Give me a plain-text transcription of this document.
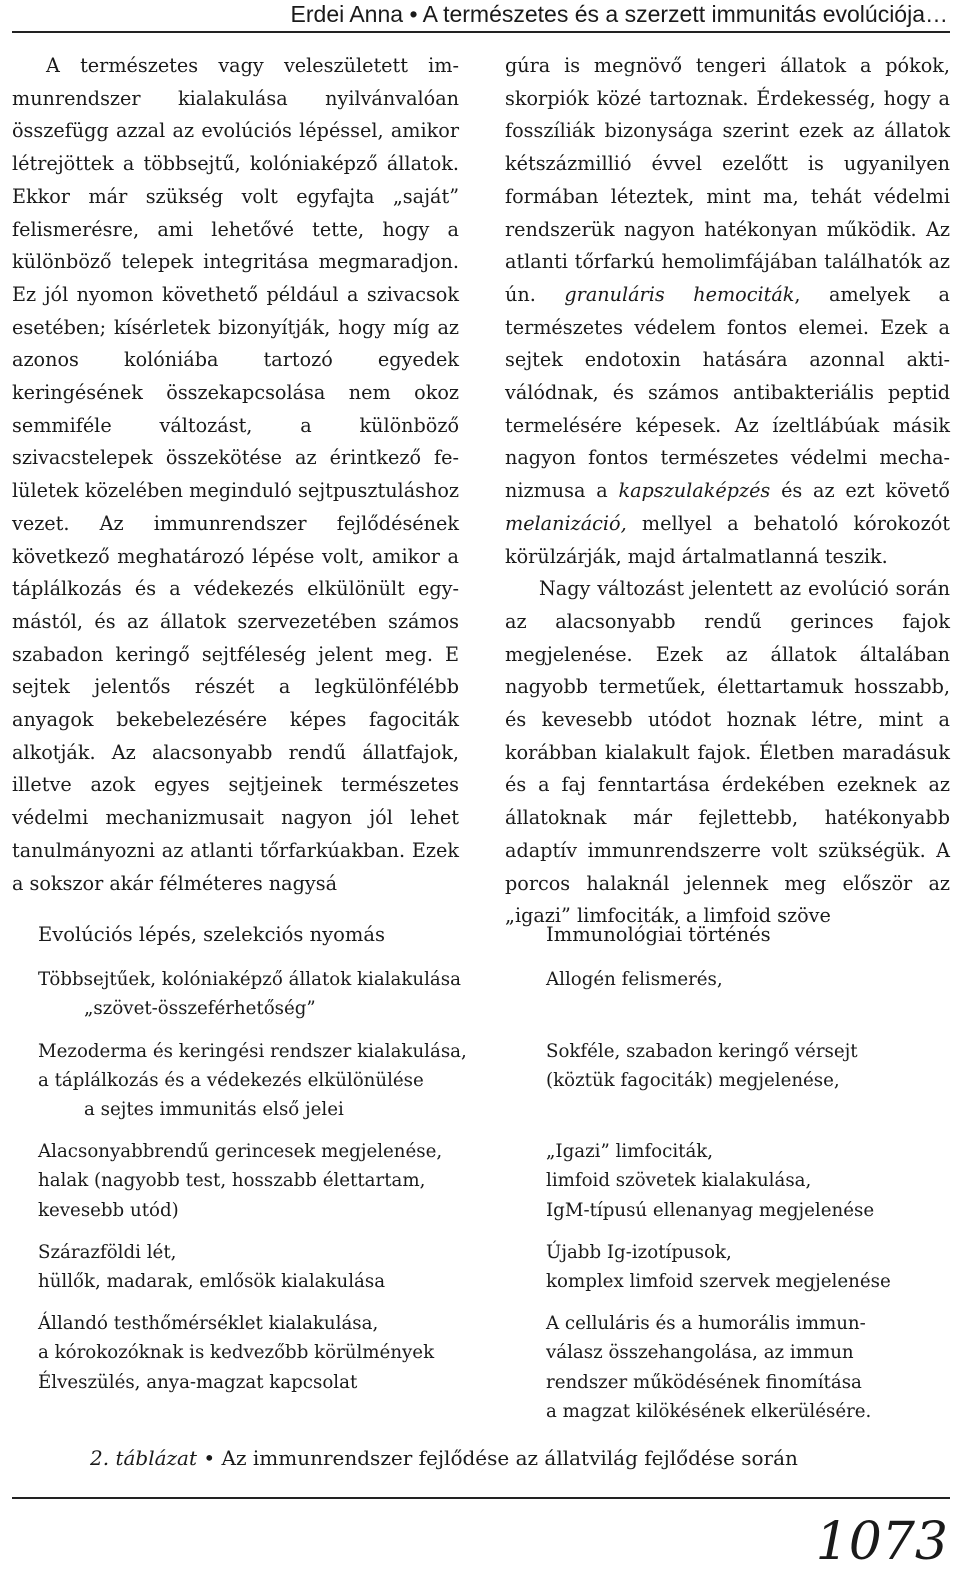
Erdei Anna • A természetes és a szerzett immunitás evolúciója…

A természetes vagy veleszületett immunrendszer kialakulása nyilvánvalóan összefügg azzal az evolúciós lépéssel, amikor létrejöttek a többsejtű, kolóniaképző állatok. Ekkor már szükség volt egyfajta „saját” felismerésre, ami lehetővé tette, hogy a különböző telepek integritása megmaradjon. Ez jól nyomon követhető például a szivacsok esetében; kísérletek bizonyítják, hogy míg az azonos kolóniába tartozó egyedek keringésének összekapcsolása nem okoz semmiféle változást, a különböző szivacstelepek összekötése az érintkező felületek közelében meginduló sejtpusztuláshoz vezet. Az immunrendszer fejlődésének következő meghatározó lépése volt, amikor a táplálkozás és a védekezés elkülönült egymástól, és az állatok szervezetében számos szabadon keringő sejtféleség jelent meg. E sejtek jelentős részét a legkülönfélébb anyagok bekebelezésére képes fagociták alkotják. Az alacsonyabb rendű állatfajok, illetve azok egyes sejtjeinek természetes védelmi mechanizmusait nagyon jól lehet tanulmányozni az atlanti tőrfarkúakban. Ezek a sokszor akár félméteres nagysá

gúra is megnövő tengeri állatok a pókok, skorpiók közé tartoznak. Érdekesség, hogy a fosszíliák bizonysága szerint ezek az állatok kétszázmillió évvel ezelőtt is ugyanilyen formában léteztek, mint ma, tehát védelmi rendszerük nagyon hatékonyan működik. Az atlanti tőrfarkú hemolimfájában találhatók az ún. granuláris hemociták, amelyek a természetes védelem fontos elemei. Ezek a sejtek endotoxin hatására azonnal aktiválódnak, és számos antibakteriális peptid termelésére képesek. Az ízeltlábúak másik nagyon fontos természetes védelmi mechanizmusa a kapszulaképzés és az ezt követő melanizáció, mellyel a behatoló kórokozót körülzárják, majd ártalmatlanná teszik.

Nagy változást jelentett az evolúció során az alacsonyabb rendű gerinces fajok megjelenése. Ezek az állatok általában nagyobb termetűek, élettartamuk hosszabb, és kevesebb utódot hoznak létre, mint a korábban kialakult fajok. Életben maradásuk és a faj fenntartása érdekében ezeknek az állatoknak már fejlettebb, hatékonyabb adaptív immunrendszerre volt szükségük. A porcos halaknál jelennek meg először az „igazi” limfociták, a limfoid szöve

Evolúciós lépés, szelekciós nyomás	Immunológiai történés
Többsejtűek, kolóniaképző állatok kialakulása
„szövet-összeférhetőség”
Allogén felismerés,
Mezoderma és keringési rendszer kialakulása,
a táplálkozás és a védekezés elkülönülése
a sejtes immunitás első jelei
Sokféle, szabadon keringő vérsejt
(köztük fagociták) megjelenése,
Alacsonyabbrendű gerincesek megjelenése,
halak (nagyobb test, hosszabb élettartam,
kevesebb utód)
„Igazi” limfociták,
limfoid szövetek kialakulása,
IgM-típusú ellenanyag megjelenése
Szárazföldi lét,
hüllők, madarak, emlősök kialakulása
Újabb Ig-izotípusok,
komplex limfoid szervek megjelenése
Állandó testhőmérséklet kialakulása,
a kórokozóknak is kedvezőbb körülmények
Élveszülés, anya-magzat kapcsolat
A celluláris és a humorális immun-
válasz összehangolása, az immun
rendszer működésének finomítása
a magzat kilökésének elkerülésére.
2. táblázat • Az immunrendszer fejlődése az állatvilág fejlődése során
1073
